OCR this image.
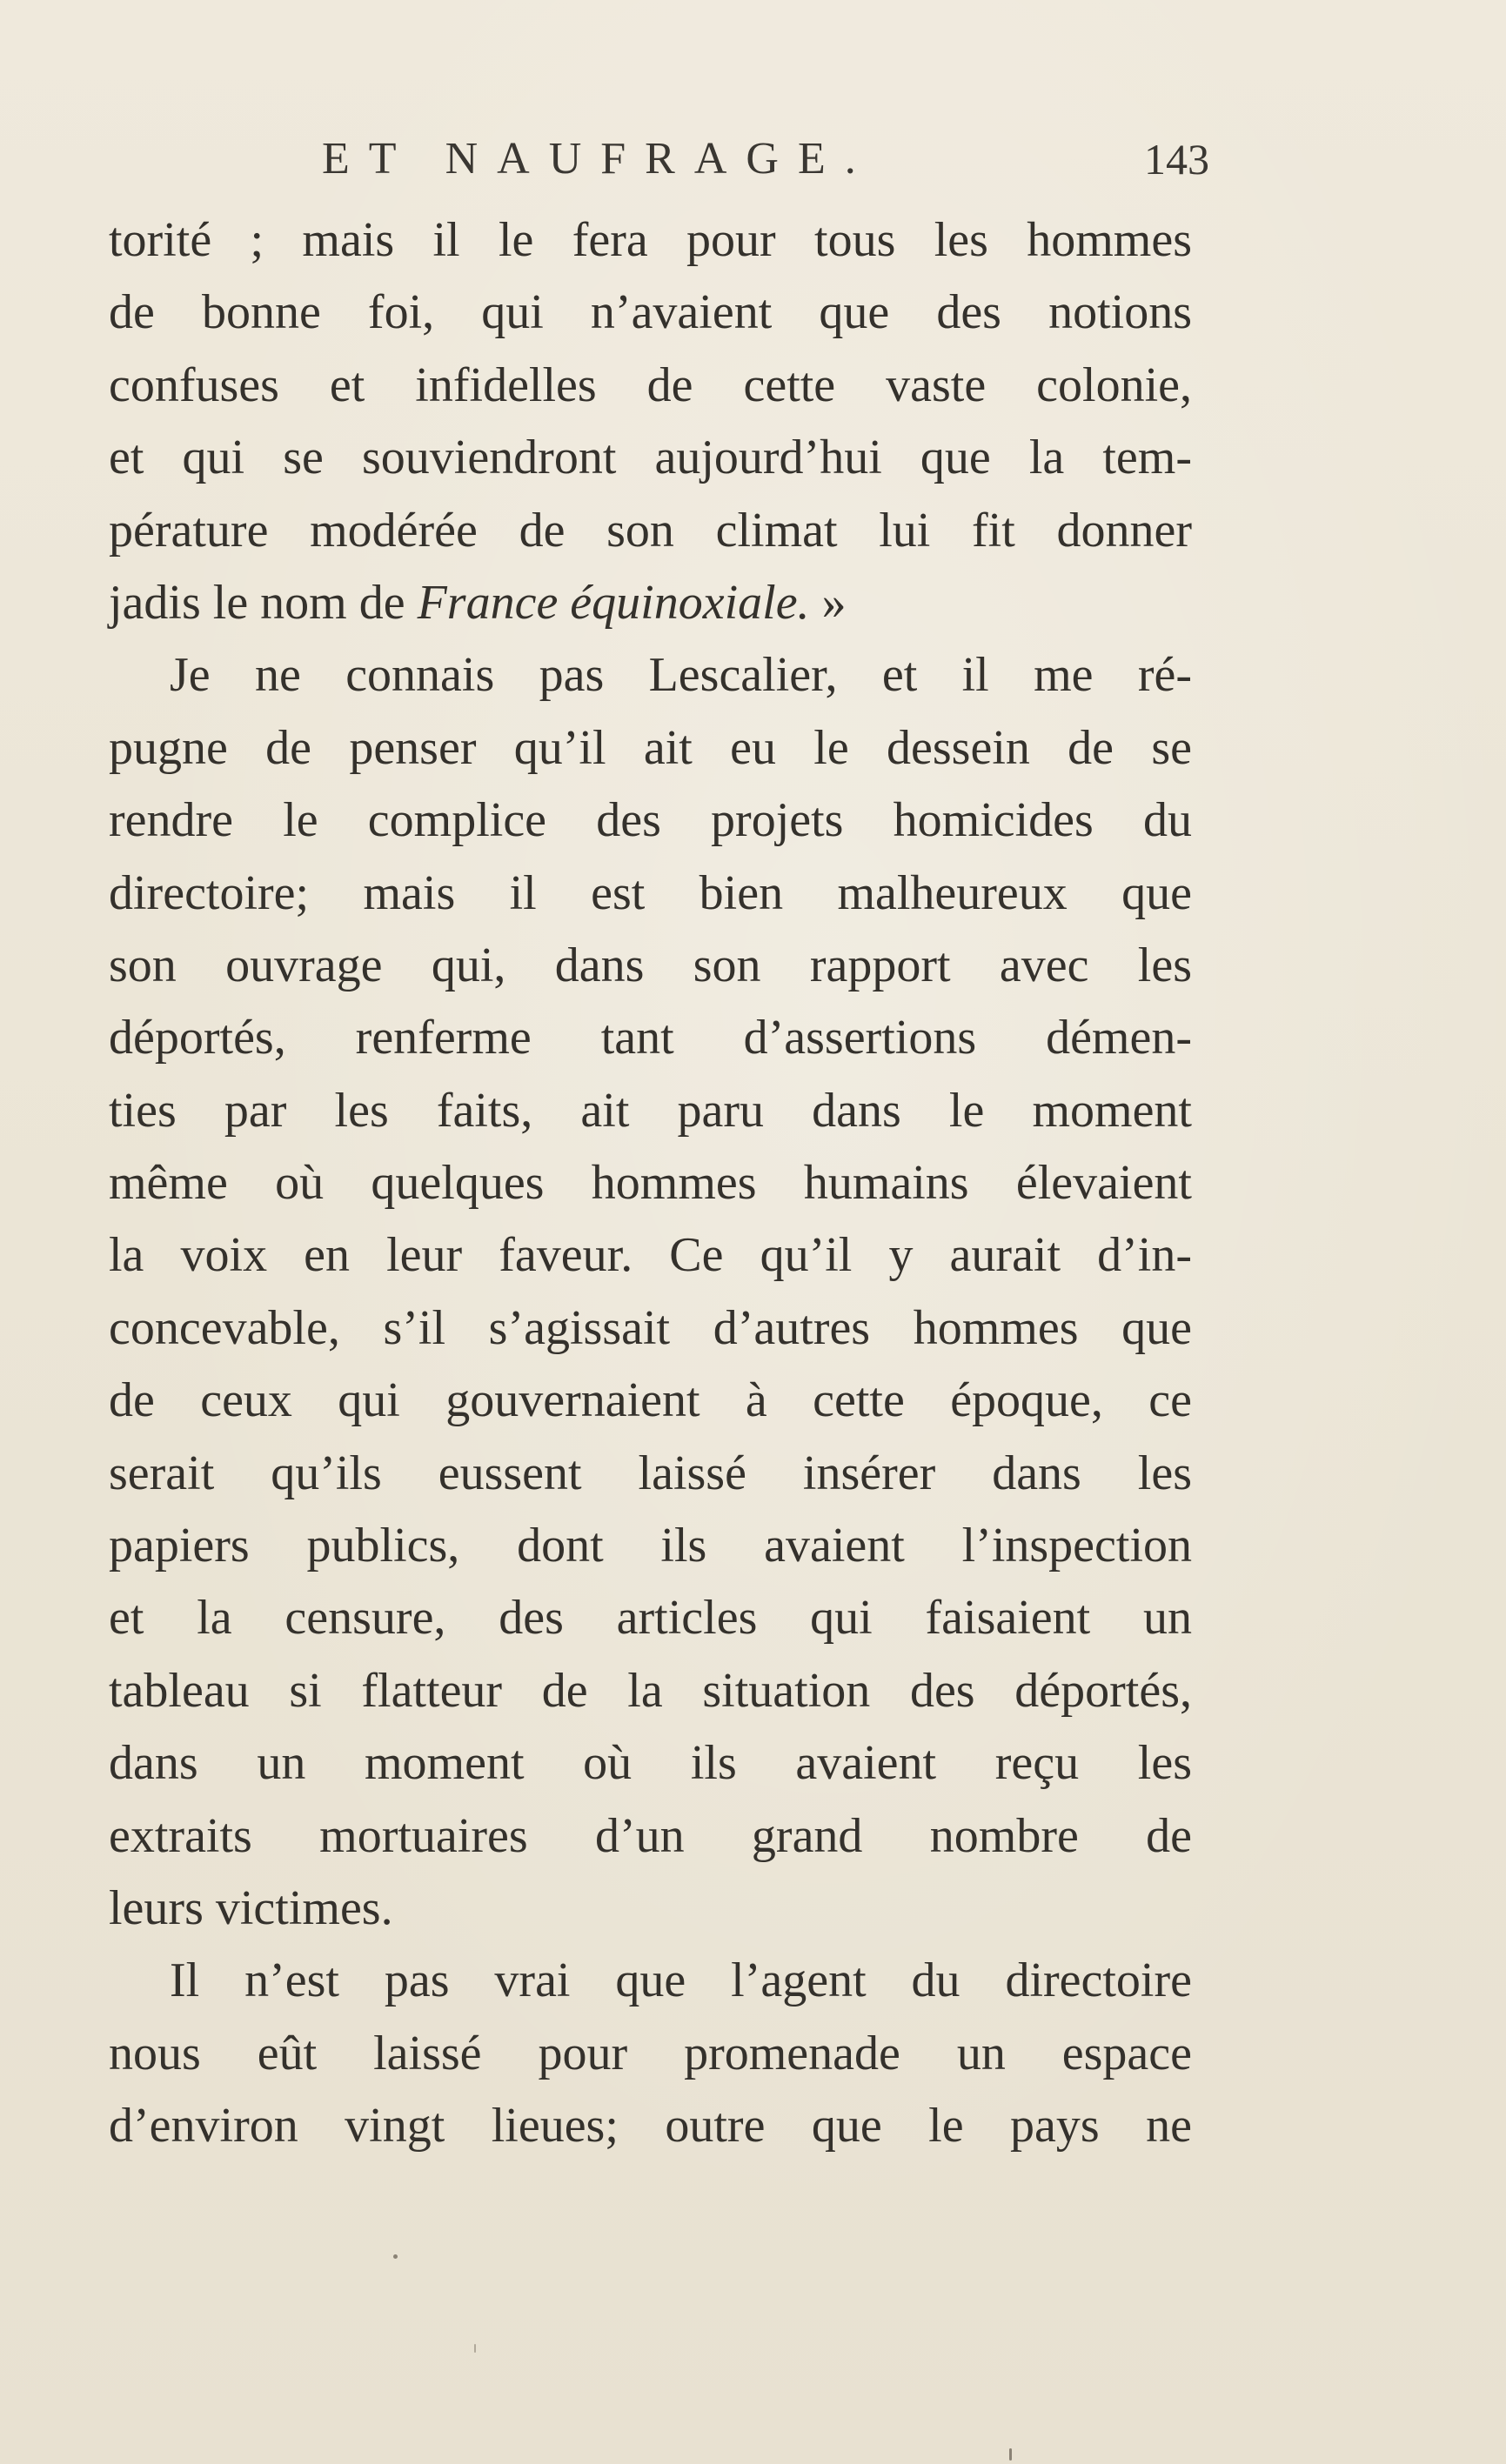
ET NAUFRAGE.	143
torité ; mais il le fera pour tous les hommes
de bonne foi, qui n’avaient que des notions
confuses et infidelles de cette vaste colonie,
et qui se souviendront aujourd’hui que la tem-
pérature modérée de son climat lui fit donner
jadis le nom de France équinoxiale. »
Je ne connais pas Lescalier, et il me ré-
pugne de penser qu’il ait eu le dessein de se
rendre le complice des projets homicides du
directoire; mais il est bien malheureux que
son ouvrage qui, dans son rapport avec les
déportés, renferme tant d’assertions démen-
ties par les faits, ait paru dans le moment
même où quelques hommes humains élevaient
la voix en leur faveur. Ce qu’il y aurait d’in-
concevable, s’il s’agissait d’autres hommes que
de ceux qui gouvernaient à cette époque, ce
serait qu’ils eussent laissé insérer dans les
papiers publics, dont ils avaient l’inspection
et la censure, des articles qui faisaient un
tableau si flatteur de la situation des déportés,
dans un moment où ils avaient reçu les
extraits mortuaires d’un grand nombre de
leurs victimes.
Il n’est pas vrai que l’agent du directoire
nous eût laissé pour promenade un espace
d’environ vingt lieues; outre que le pays ne
